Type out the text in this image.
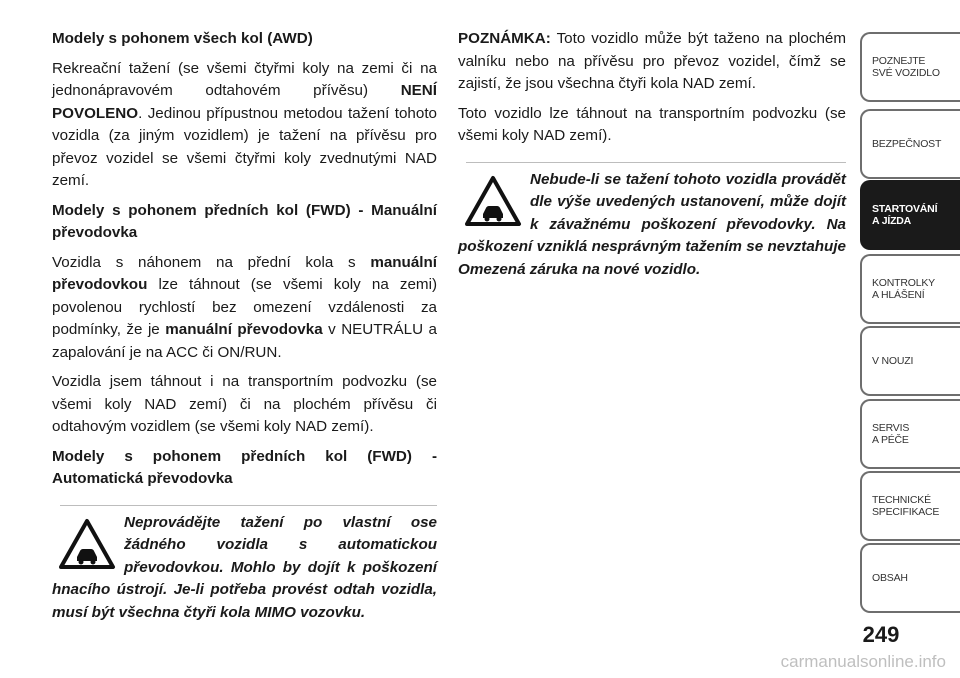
Modely s pohonem všech kol (AWD)

Rekreační tažení (se všemi čtyřmi koly na zemi či na jednonápravovém odtahovém přívěsu) NENÍ POVOLENO. Jedinou přípustnou metodou tažení tohoto vozidla (za jiným vozidlem) je tažení na přívěsu pro převoz vozidel se všemi čtyřmi koly zvednutými NAD zemí.

Modely s pohonem předních kol (FWD) - Manuální převodovka

Vozidla s náhonem na přední kola s manuální převodovkou lze táhnout (se všemi koly na zemi) povolenou rychlostí bez omezení vzdálenosti za podmínky, že je manuální převodovka v NEUTRÁLU a zapalování je na ACC či ON/RUN.

Vozidla jsem táhnout i na transportním podvozku (se všemi koly NAD zemí) či na plochém přívěsu či odtahovým vozidlem (se všemi koly NAD zemí).

Modely s pohonem předních kol (FWD) - Automatická převodovka

Neprovádějte tažení po vlastní ose žádného vozidla s automatickou převodovkou. Mohlo by dojít k poškození hnacího ústrojí. Je-li potřeba provést odtah vozidla, musí být všechna čtyři kola MIMO vozovku.

POZNÁMKA: Toto vozidlo může být taženo na plochém valníku nebo na přívěsu pro převoz vozidel, čímž se zajistí, že jsou všechna čtyři kola NAD zemí.

Toto vozidlo lze táhnout na transportním podvozku (se všemi koly NAD zemí).

Nebude-li se tažení tohoto vozidla provádět dle výše uvedených ustanovení, může dojít k závažnému poškození převodovky. Na poškození vzniklá nesprávným tažením se nevztahuje Omezená záruka na nové vozidlo.
POZNEJTE
SVÉ VOZIDLO
BEZPEČNOST
STARTOVÁNÍ
A JÍZDA
KONTROLKY
A HLÁŠENÍ
V NOUZI
SERVIS
A PÉČE
TECHNICKÉ
SPECIFIKACE
OBSAH
249
carmanualsonline.info
